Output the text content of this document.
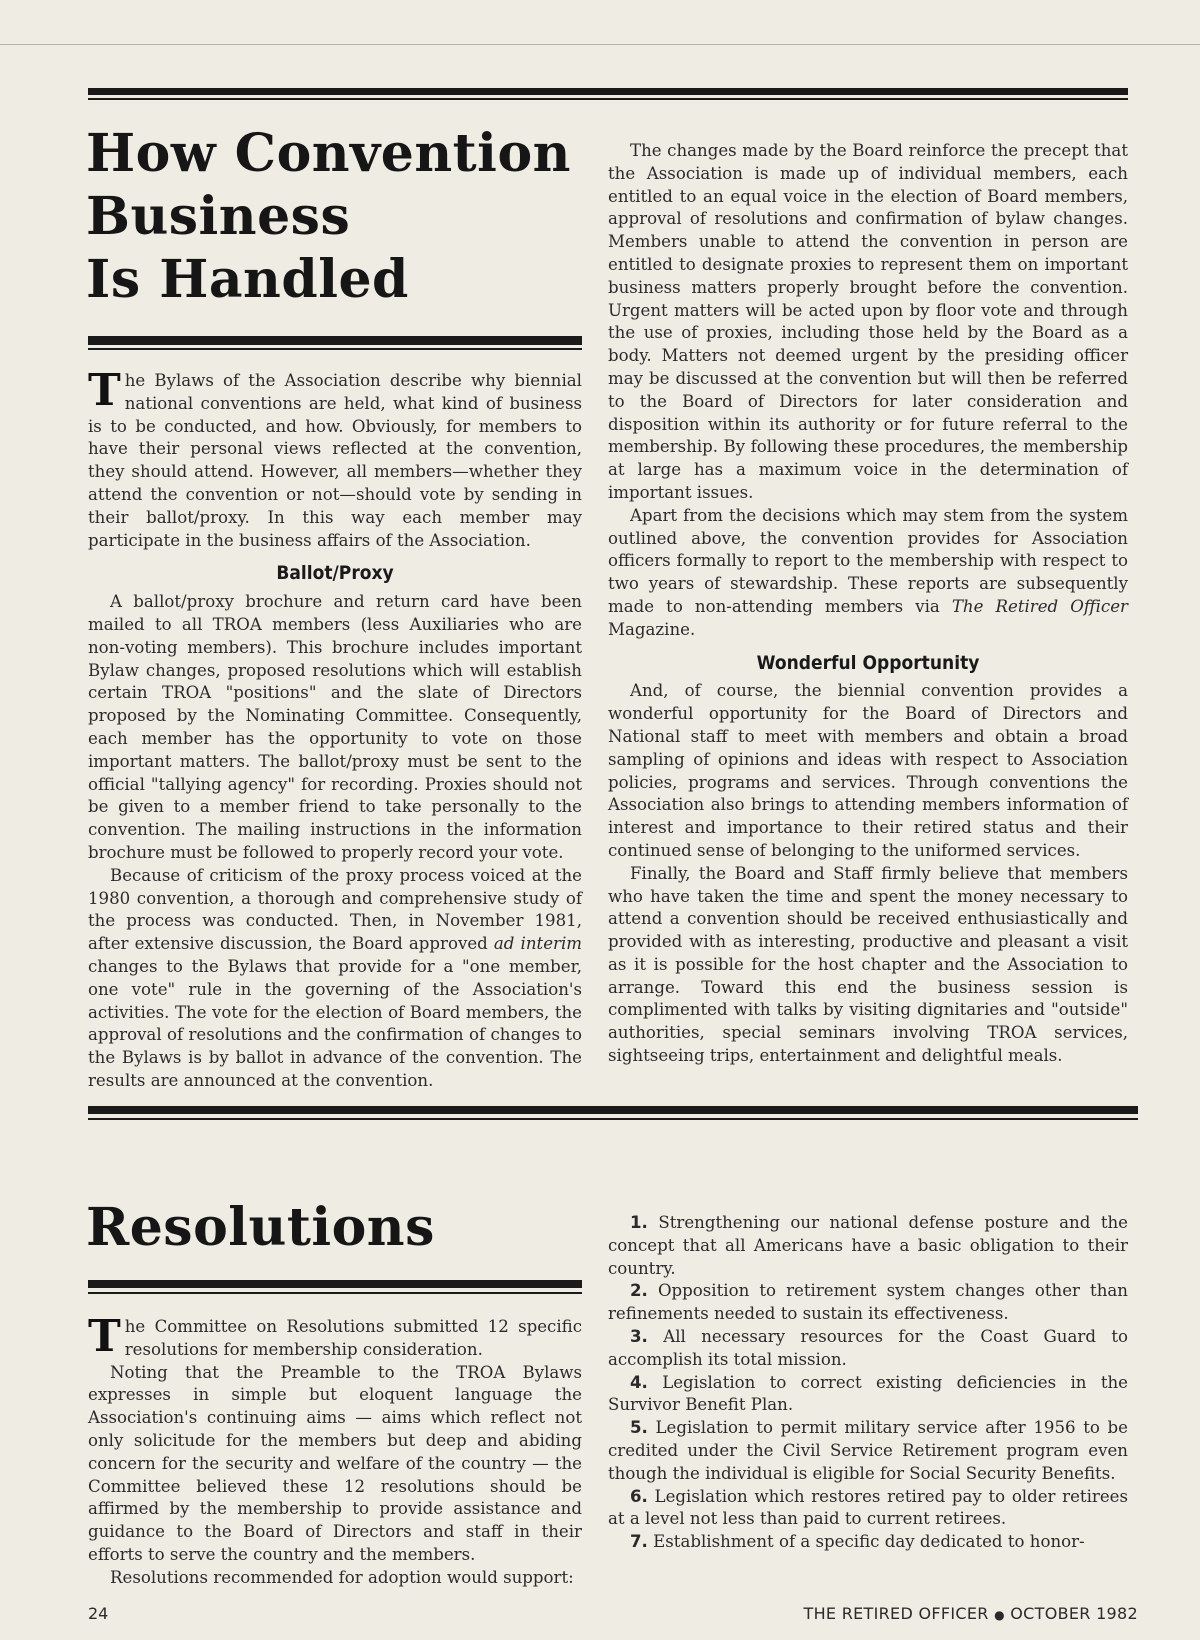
How Convention
Business
Is Handled

The Bylaws of the Association describe why biennial national conventions are held, what kind of business is to be conducted, and how. Obviously, for members to have their personal views reflected at the convention, they should attend. However, all members—whether they attend the convention or not—should vote by sending in their ballot/proxy. In this way each member may participate in the business affairs of the Association.

Ballot/Proxy

A ballot/proxy brochure and return card have been mailed to all TROA members (less Auxiliaries who are non-voting members). This brochure includes important Bylaw changes, proposed resolutions which will establish certain TROA "positions" and the slate of Directors proposed by the Nominating Committee. Consequently, each member has the opportunity to vote on those important matters. The ballot/proxy must be sent to the official "tallying agency" for recording. Proxies should not be given to a member friend to take personally to the convention. The mailing instructions in the information brochure must be followed to properly record your vote.

Because of criticism of the proxy process voiced at the 1980 convention, a thorough and comprehensive study of the process was conducted. Then, in November 1981, after extensive discussion, the Board approved ad interim changes to the Bylaws that provide for a "one member, one vote" rule in the governing of the Association's activities. The vote for the election of Board members, the approval of resolutions and the confirmation of changes to the Bylaws is by ballot in advance of the convention. The results are announced at the convention.

The changes made by the Board reinforce the precept that the Association is made up of individual members, each entitled to an equal voice in the election of Board members, approval of resolutions and confirmation of bylaw changes. Members unable to attend the convention in person are entitled to designate proxies to represent them on important business matters properly brought before the convention. Urgent matters will be acted upon by floor vote and through the use of proxies, including those held by the Board as a body. Matters not deemed urgent by the presiding officer may be discussed at the convention but will then be referred to the Board of Directors for later consideration and disposition within its authority or for future referral to the membership. By following these procedures, the membership at large has a maximum voice in the determination of important issues.

Apart from the decisions which may stem from the system outlined above, the convention provides for Association officers formally to report to the membership with respect to two years of stewardship. These reports are subsequently made to non-attending members via The Retired Officer Magazine.

Wonderful Opportunity

And, of course, the biennial convention provides a wonderful opportunity for the Board of Directors and National staff to meet with members and obtain a broad sampling of opinions and ideas with respect to Association policies, programs and services. Through conventions the Association also brings to attending members information of interest and importance to their retired status and their continued sense of belonging to the uniformed services.

Finally, the Board and Staff firmly believe that members who have taken the time and spent the money necessary to attend a convention should be received enthusiastically and provided with as interesting, productive and pleasant a visit as it is possible for the host chapter and the Association to arrange. Toward this end the business session is complimented with talks by visiting dignitaries and "outside" authorities, special seminars involving TROA services, sightseeing trips, entertainment and delightful meals.

Resolutions

The Committee on Resolutions submitted 12 specific resolutions for membership consideration.

Noting that the Preamble to the TROA Bylaws expresses in simple but eloquent language the Association's continuing aims — aims which reflect not only solicitude for the members but deep and abiding concern for the security and welfare of the country — the Committee believed these 12 resolutions should be affirmed by the membership to provide assistance and guidance to the Board of Directors and staff in their efforts to serve the country and the members.

Resolutions recommended for adoption would support:

1. Strengthening our national defense posture and the concept that all Americans have a basic obligation to their country.

2. Opposition to retirement system changes other than refinements needed to sustain its effectiveness.

3. All necessary resources for the Coast Guard to accomplish its total mission.

4. Legislation to correct existing deficiencies in the Survivor Benefit Plan.

5. Legislation to permit military service after 1956 to be credited under the Civil Service Retirement program even though the individual is eligible for Social Security Benefits.

6. Legislation which restores retired pay to older retirees at a level not less than paid to current retirees.

7. Establishment of a specific day dedicated to honor-

24	THE RETIRED OFFICER ● OCTOBER 1982
